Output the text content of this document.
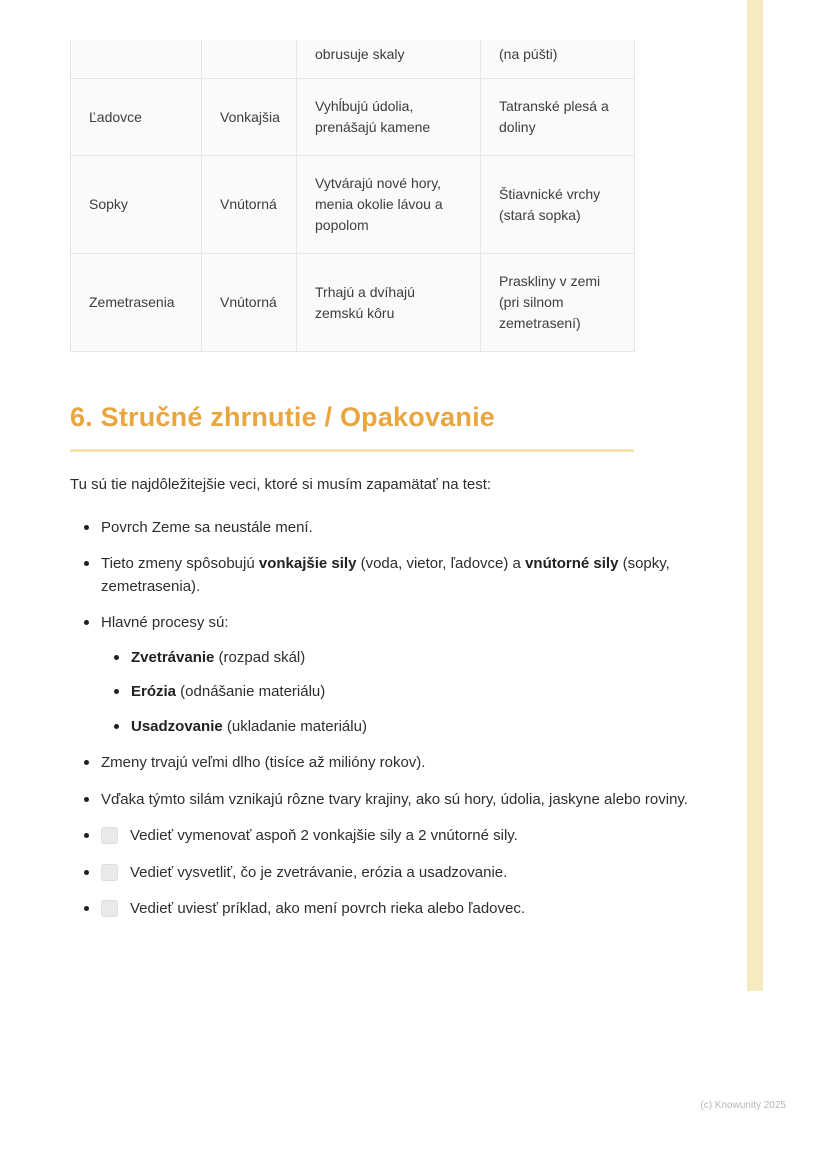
		obrusuje skaly	(na púšti)
Ľadovce	Vonkajšia	Vyhĺbujú údolia, prenášajú kamene	Tatranské plesá a doliny
Sopky	Vnútorná	Vytvárajú nové hory, menia okolie lávou a popolom	Štiavnické vrchy (stará sopka)
Zemetrasenia	Vnútorná	Trhajú a dvíhajú zemskú kôru	Praskliny v zemi (pri silnom zemetrasení)
6. Stručné zhrnutie / Opakovanie

Tu sú tie najdôležitejšie veci, ktoré si musím zapamätať na test:

Povrch Zeme sa neustále mení.
Tieto zmeny spôsobujú vonkajšie sily (voda, vietor, ľadovce) a vnútorné sily (sopky, zemetrasenia).
Hlavné procesy sú:
Zvetrávanie (rozpad skál)
Erózia (odnášanie materiálu)
Usadzovanie (ukladanie materiálu)
Zmeny trvajú veľmi dlho (tisíce až milióny rokov).
Vďaka týmto silám vznikajú rôzne tvary krajiny, ako sú hory, údolia, jaskyne alebo roviny.
Vedieť vymenovať aspoň 2 vonkajšie sily a 2 vnútorné sily.
Vedieť vysvetliť, čo je zvetrávanie, erózia a usadzovanie.
Vedieť uviesť príklad, ako mení povrch rieka alebo ľadovec.
(c) Knowunity 2025
